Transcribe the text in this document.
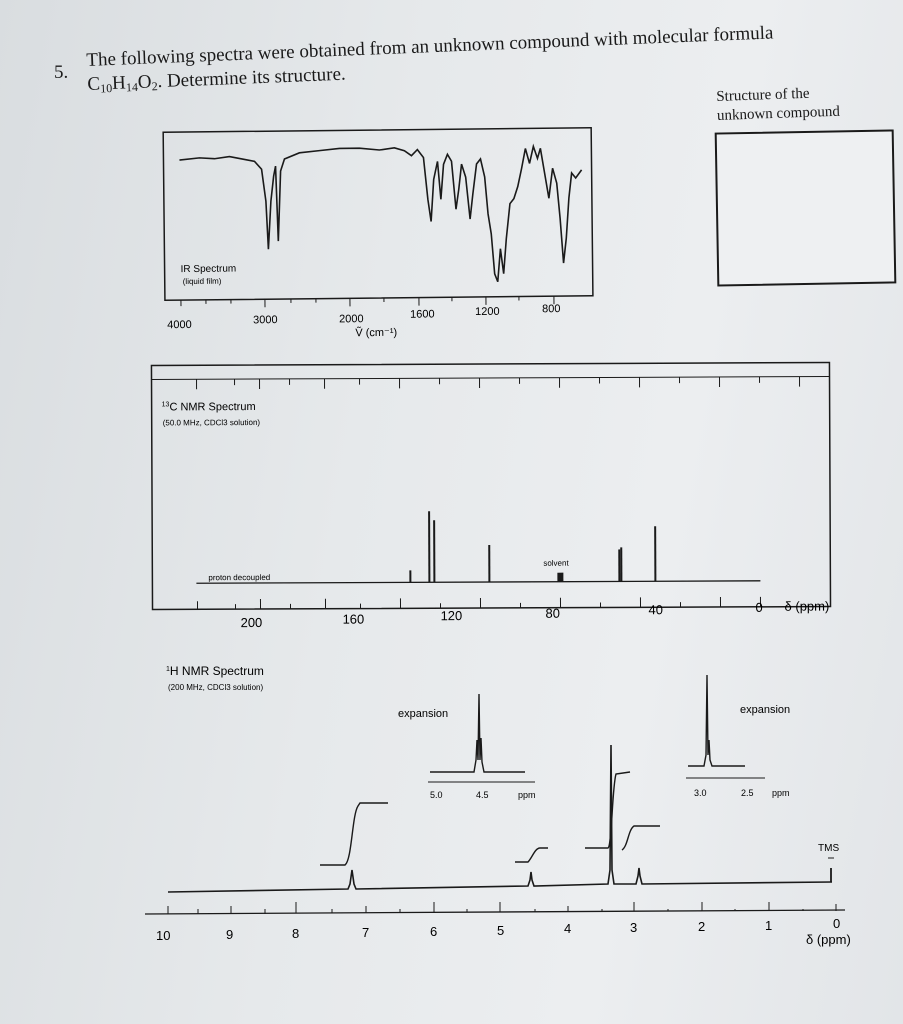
5.
The following spectra were obtained from an unknown compound with molecular formula
$C_{10}H_{14}O_2$. Determine its structure.
Structure of the
unknown compound
IR Spectrum
(liquid film)
4000	3000	2000	1600	1200	800
Ṽ (cm⁻¹)
$^{13}$C NMR Spectrum
(50.0 MHz, CDCl3 solution)
proton decoupled
solvent
200	160	120	80	40	0 δ (ppm)
$^1$H NMR Spectrum
(200 MHz, CDCl3 solution)
expansion
5.0	4.5	ppm
expansion
3.0	2.5 ppm
TMS
10	9	8	7	6	5	4	3	2	1	0
δ (ppm)
